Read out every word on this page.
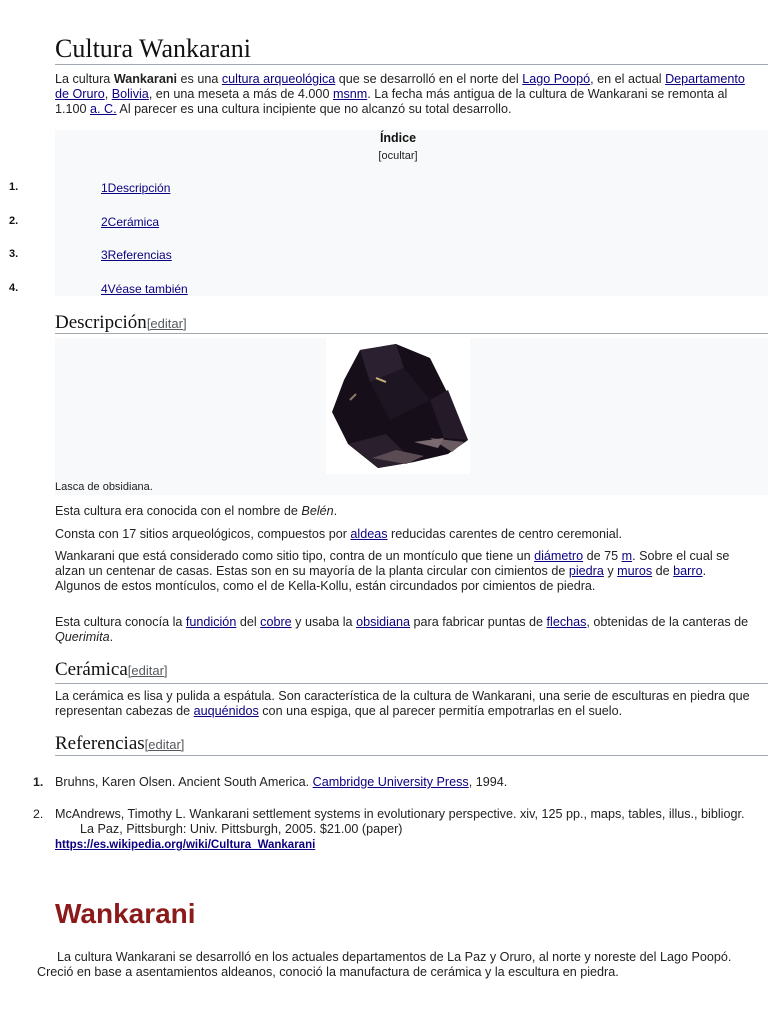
Cultura Wankarani
La cultura Wankarani es una cultura arqueológica que se desarrolló en el norte del Lago Poopó, en el actual Departamento de Oruro, Bolivia, en una meseta a más de 4.000 msnm. La fecha más antigua de la cultura de Wankarani se remonta al 1.100 a. C. Al parecer es una cultura incipiente que no alcanzó su total desarrollo.
Índice
[ocultar]
1.	1Descripción
2.	2Cerámica
3.	3Referencias
4.	4Véase también
Descripción[editar]
Lasca de obsidiana.
Esta cultura era conocida con el nombre de Belén.
Consta con 17 sitios arqueológicos, compuestos por aldeas reducidas carentes de centro ceremonial.
Wankarani que está considerado como sitio tipo, contra de un montículo que tiene un diámetro de 75 m. Sobre el cual se alzan un centenar de casas. Estas son en su mayoría de la planta circular con cimientos de piedra y muros de barro. Algunos de estos montículos, como el de Kella-Kollu, están circundados por cimientos de piedra.
Esta cultura conocía la fundición del cobre y usaba la obsidiana para fabricar puntas de flechas, obtenidas de la canteras de Querimita.
Cerámica[editar]
La cerámica es lisa y pulida a espátula. Son característica de la cultura de Wankarani, una serie de esculturas en piedra que representan cabezas de auquénidos con una espiga, que al parecer permitía empotrarlas en el suelo.
Referencias[editar]
1. Bruhns, Karen Olsen. Ancient South America. Cambridge University Press, 1994.
2. McAndrews, Timothy L. Wankarani settlement systems in evolutionary perspective. xiv, 125 pp., maps, tables, illus., bibliogr. La Paz, Pittsburgh: Univ. Pittsburgh, 2005. $21.00 (paper)
https://es.wikipedia.org/wiki/Cultura_Wankarani
Wankarani
La cultura Wankarani se desarrolló en los actuales departamentos de La Paz y Oruro, al norte y noreste del Lago Poopó. Creció en base a asentamientos aldeanos, conoció la manufactura de cerámica y la escultura en piedra.
